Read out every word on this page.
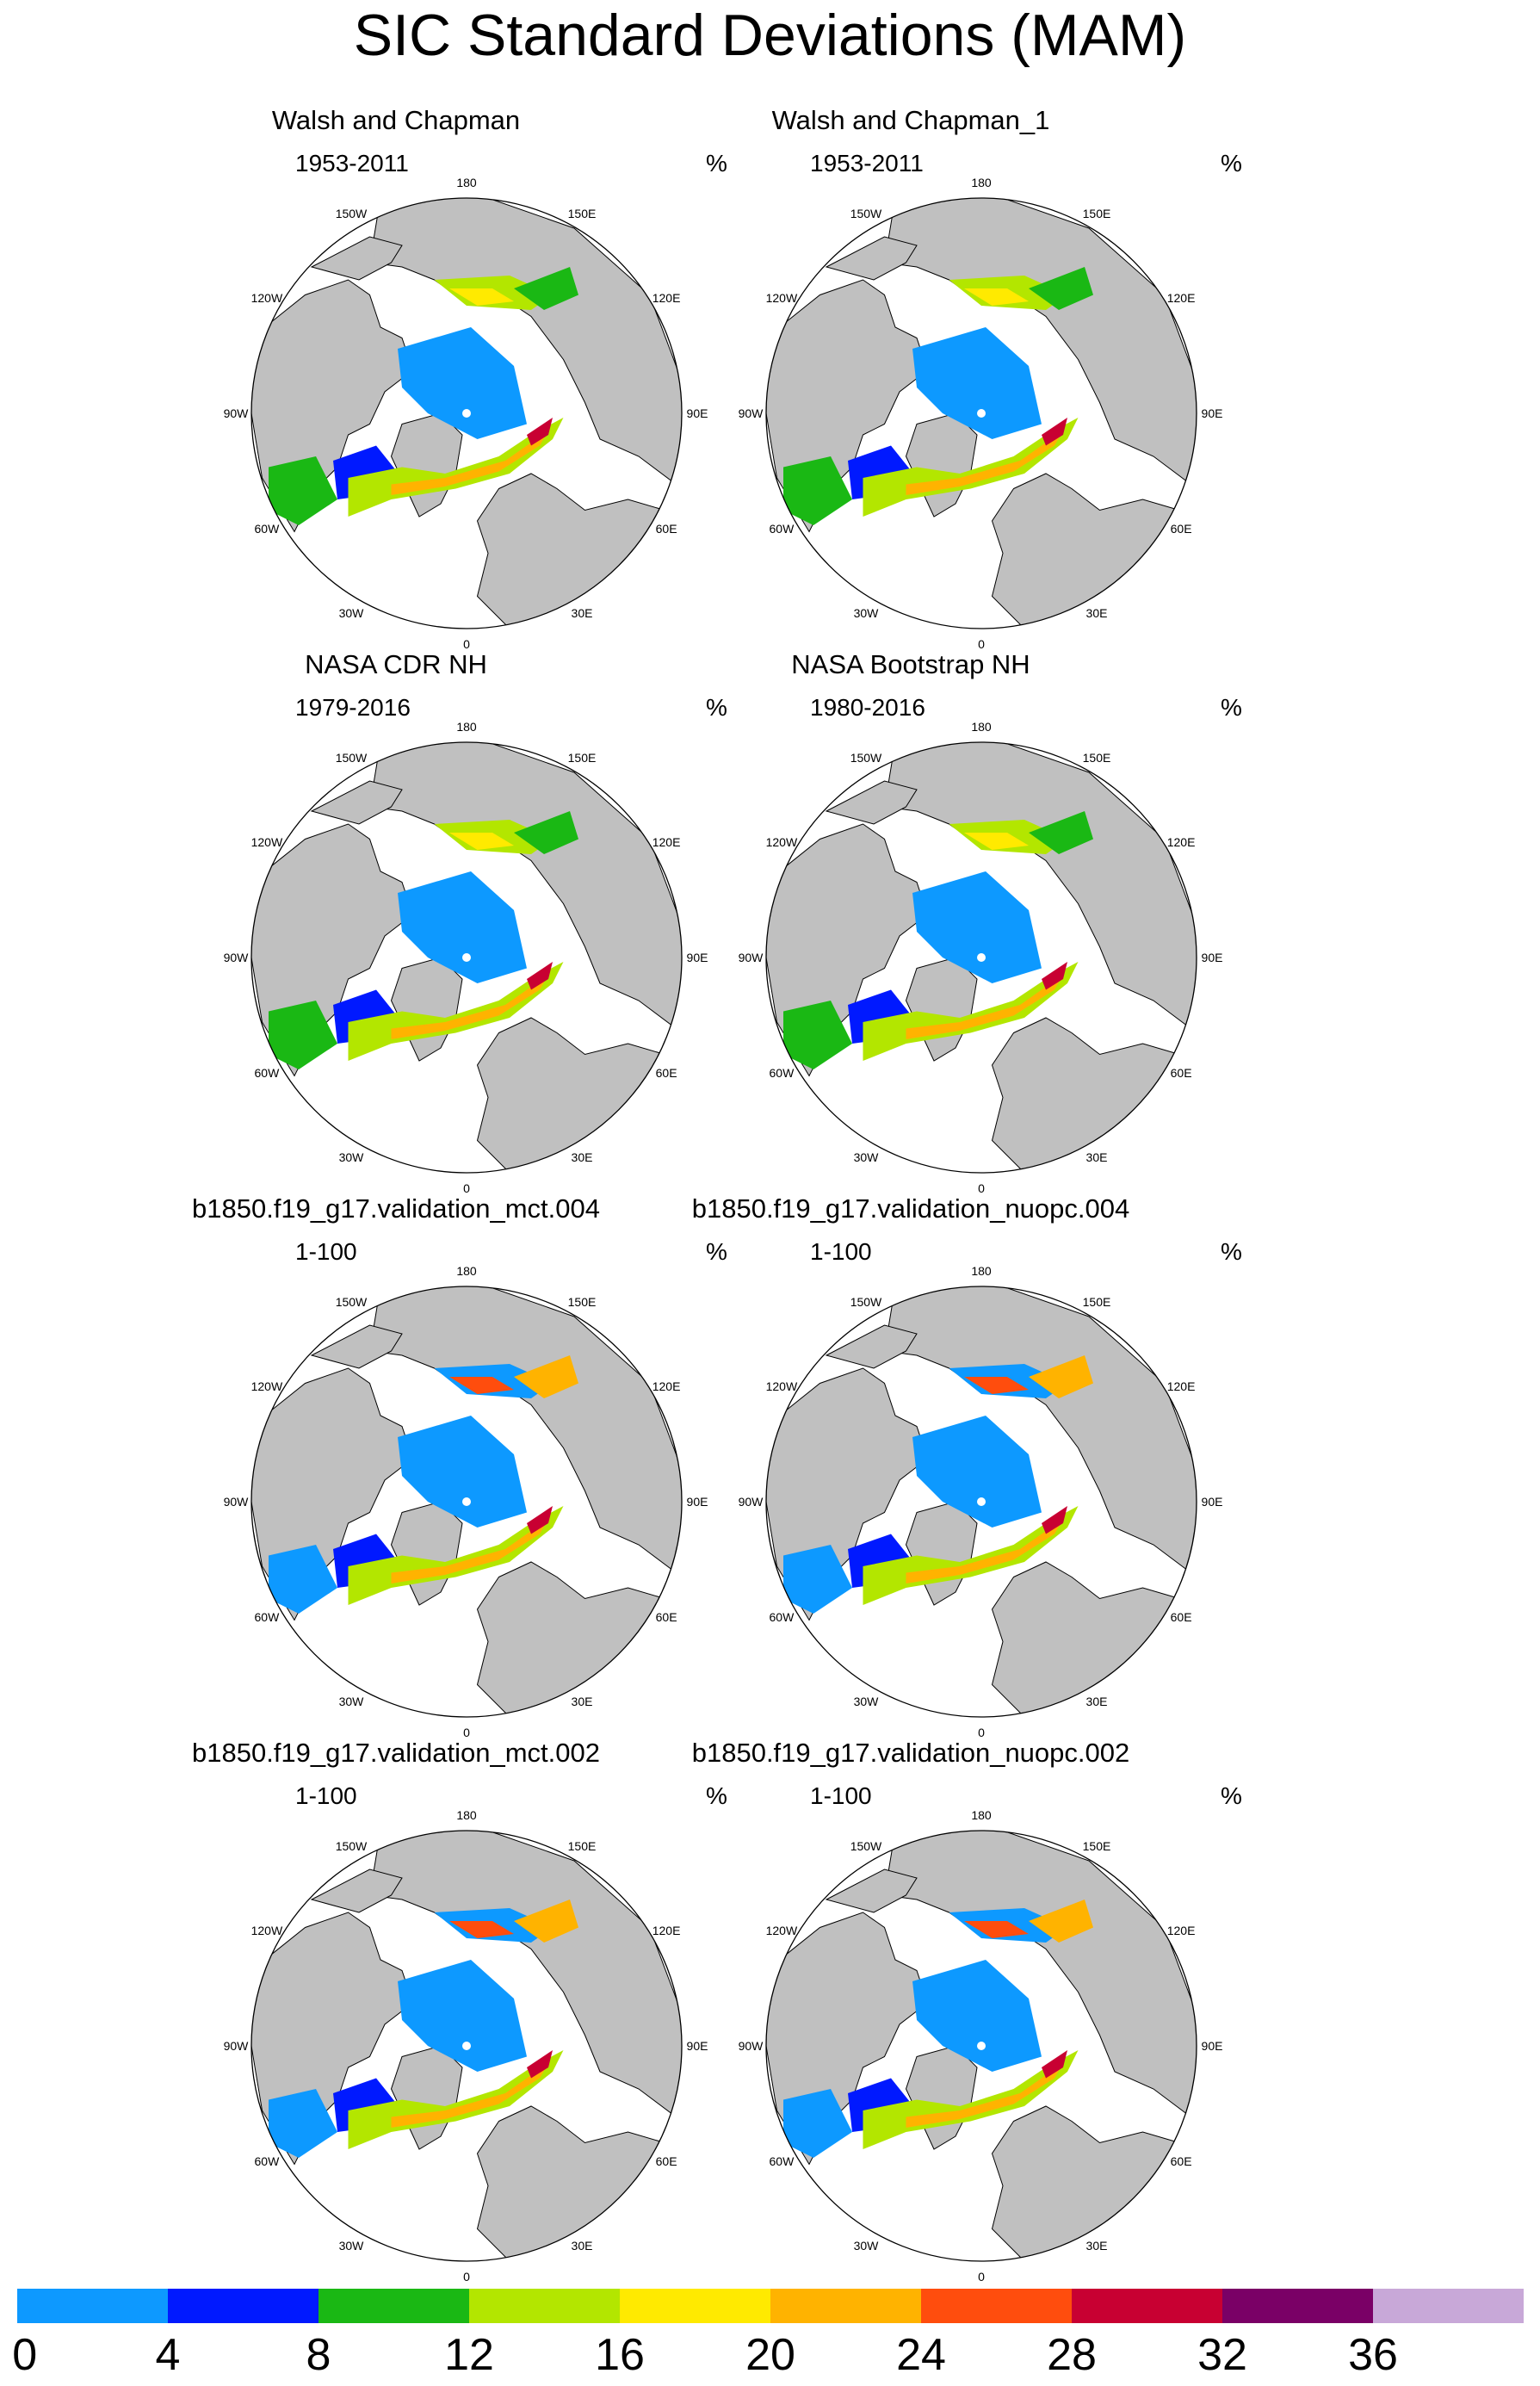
SIC Standard Deviations (MAM)
Walsh and Chapman
1953-2011	%
180
150E
120E
90E
60E
30E
0
30W
60W
90W
120W
150W
Walsh and Chapman_1
1953-2011	%
180
150E
120E
90E
60E
30E
0
30W
60W
90W
120W
150W
NASA CDR NH
1979-2016	%
180
150E
120E
90E
60E
30E
0
30W
60W
90W
120W
150W
NASA Bootstrap NH
1980-2016	%
180
150E
120E
90E
60E
30E
0
30W
60W
90W
120W
150W
b1850.f19_g17.validation_mct.004
1-100	%
180
150E
120E
90E
60E
30E
0
30W
60W
90W
120W
150W
b1850.f19_g17.validation_nuopc.004
1-100	%
180
150E
120E
90E
60E
30E
0
30W
60W
90W
120W
150W
b1850.f19_g17.validation_mct.002
1-100	%
180
150E
120E
90E
60E
30E
0
30W
60W
90W
120W
150W
b1850.f19_g17.validation_nuopc.002
1-100	%
180
150E
120E
90E
60E
30E
0
30W
60W
90W
120W
150W
0	4	8	12 16 20 24 28 32 36
